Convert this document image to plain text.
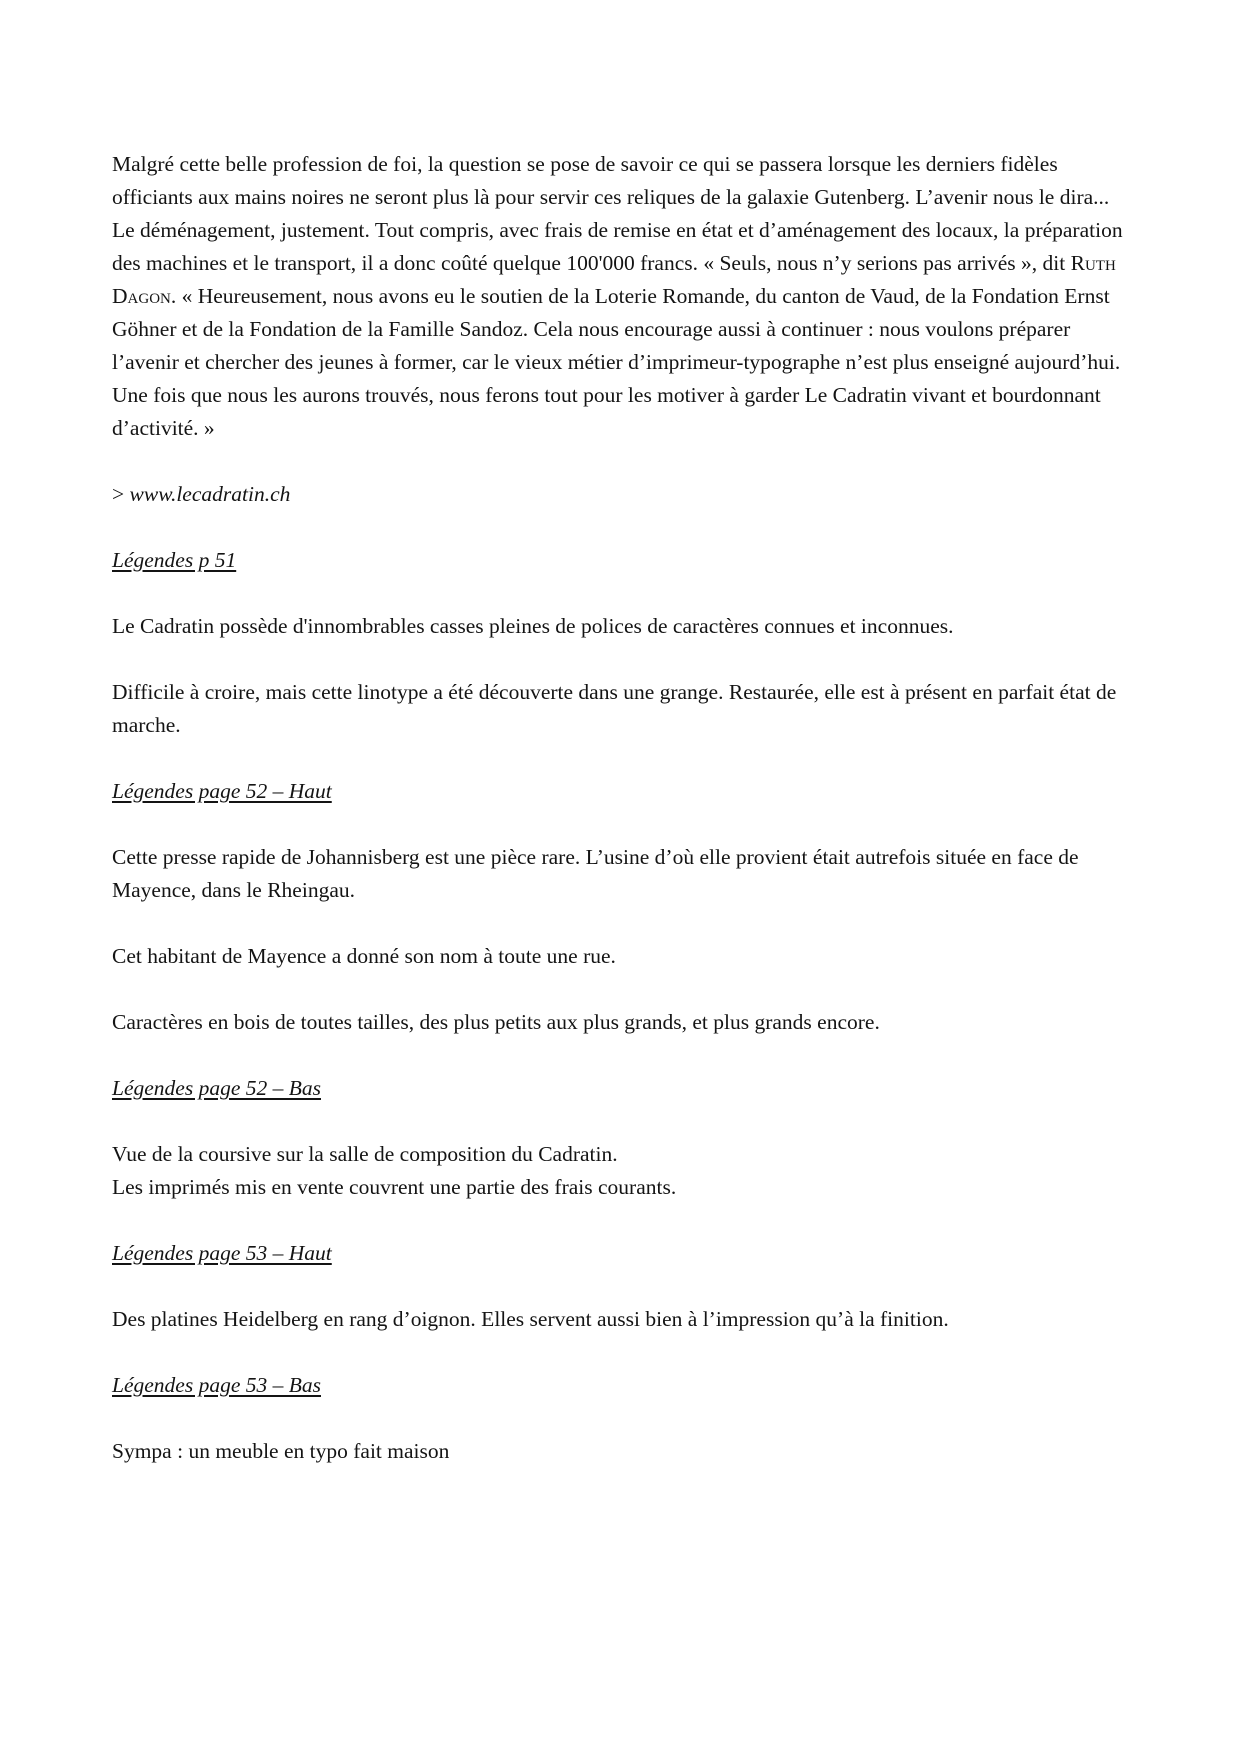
Malgré cette belle profession de foi, la question se pose de savoir ce qui se passera lorsque les derniers fidèles officiants aux mains noires ne seront plus là pour servir ces reliques de la galaxie Gutenberg. L’avenir nous le dira...

Le déménagement, justement. Tout compris, avec frais de remise en état et d’aménagement des locaux, la préparation des machines et le transport, il a donc coûté quelque 100'000 francs. « Seuls, nous n’y serions pas arrivés », dit Ruth Dagon. « Heureusement, nous avons eu le soutien de la Loterie Romande, du canton de Vaud, de la Fondation Ernst Göhner et de la Fondation de la Famille Sandoz. Cela nous encourage aussi à continuer : nous voulons préparer l’avenir et chercher des jeunes à former, car le vieux métier d’imprimeur-typographe n’est plus enseigné aujourd’hui. Une fois que nous les aurons trouvés, nous ferons tout pour les motiver à garder Le Cadratin vivant et bourdonnant d’activité. »

> www.lecadratin.ch

Légendes p 51

Le Cadratin possède d'innombrables casses pleines de polices de caractères connues et inconnues.

Difficile à croire, mais cette linotype a été découverte dans une grange. Restaurée, elle est à présent en parfait état de marche.

Légendes page 52 – Haut

Cette presse rapide de Johannisberg est une pièce rare. L’usine d’où elle provient était autrefois située en face de Mayence, dans le Rheingau.

Cet habitant de Mayence a donné son nom à toute une rue.

Caractères en bois de toutes tailles, des plus petits aux plus grands, et plus grands encore.

Légendes page 52 – Bas

Vue de la coursive sur la salle de composition du Cadratin.

Les imprimés mis en vente couvrent une partie des frais courants.

Légendes page 53 – Haut

Des platines Heidelberg en rang d’oignon. Elles servent aussi bien à l’impression qu’à la finition.

Légendes page 53 – Bas

Sympa : un meuble en typo fait maison
